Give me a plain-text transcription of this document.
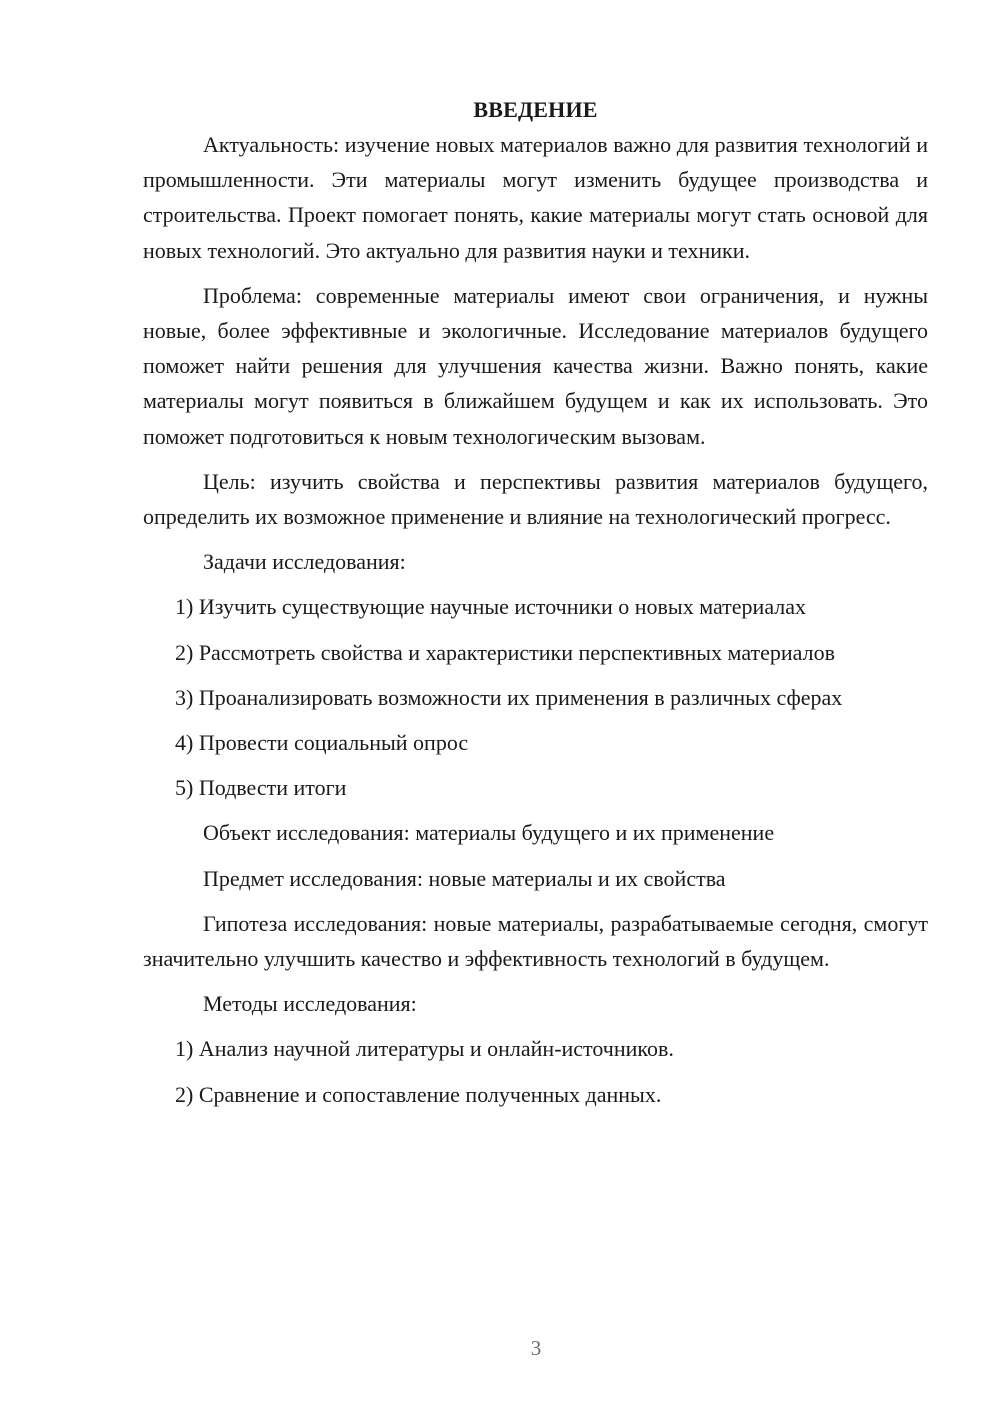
ВВЕДЕНИЕ

Актуальность: изучение новых материалов важно для развития технологий и промышленности. Эти материалы могут изменить будущее производства и строительства. Проект помогает понять, какие материалы могут стать основой для новых технологий. Это актуально для развития науки и техники.

Проблема: современные материалы имеют свои ограничения, и нужны новые, более эффективные и экологичные. Исследование материалов будущего поможет найти решения для улучшения качества жизни. Важно понять, какие материалы могут появиться в ближайшем будущем и как их использовать. Это поможет подготовиться к новым технологическим вызовам.

Цель: изучить свойства и перспективы развития материалов будущего, определить их возможное применение и влияние на технологический прогресс.

Задачи исследования:

1) Изучить существующие научные источники о новых материалах

2) Рассмотреть свойства и характеристики перспективных материалов

3) Проанализировать возможности их применения в различных сферах

4) Провести социальный опрос

5) Подвести итоги

Объект исследования: материалы будущего и их применение

Предмет исследования: новые материалы и их свойства

Гипотеза исследования: новые материалы, разрабатываемые сегодня, смогут значительно улучшить качество и эффективность технологий в будущем.

Методы исследования:

1) Анализ научной литературы и онлайн-источников.

2) Сравнение и сопоставление полученных данных.

3
